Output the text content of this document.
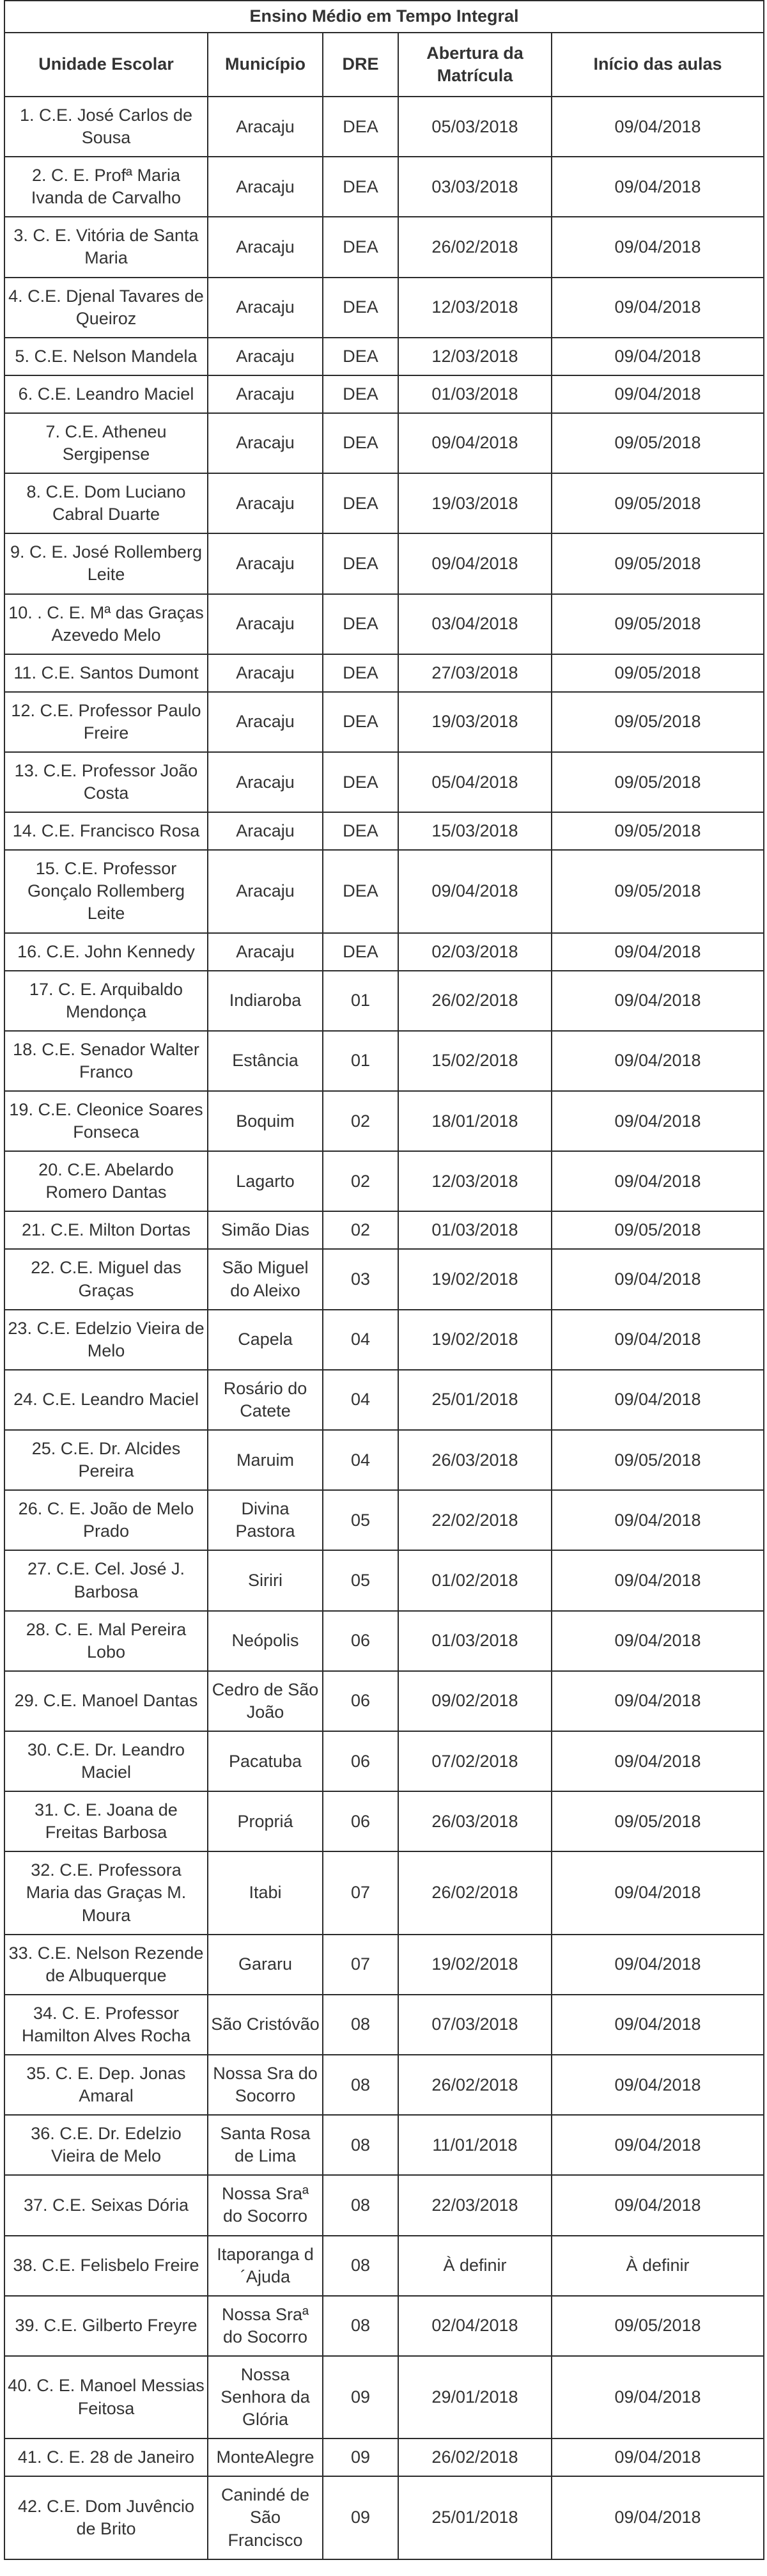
Ensino Médio em Tempo Integral				
Unidade Escolar	Município	DRE	Abertura da Matrícula	Início das aulas
1. C.E. José Carlos de Sousa	Aracaju	DEA	05/03/2018	09/04/2018
2. C. E. Profª Maria Ivanda de Carvalho	Aracaju	DEA	03/03/2018	09/04/2018
3. C. E. Vitória de Santa Maria	Aracaju	DEA	26/02/2018	09/04/2018
4. C.E. Djenal Tavares de Queiroz	Aracaju	DEA	12/03/2018	09/04/2018
5. C.E. Nelson Mandela	Aracaju	DEA	12/03/2018	09/04/2018
6. C.E. Leandro Maciel	Aracaju	DEA	01/03/2018	09/04/2018
7. C.E. Atheneu Sergipense	Aracaju	DEA	09/04/2018	09/05/2018
8. C.E. Dom Luciano Cabral Duarte	Aracaju	DEA	19/03/2018	09/05/2018
9. C. E. José Rollemberg Leite	Aracaju	DEA	09/04/2018	09/05/2018
10. . C. E. Mª das Graças Azevedo Melo	Aracaju	DEA	03/04/2018	09/05/2018
11. C.E. Santos Dumont	Aracaju	DEA	27/03/2018	09/05/2018
12. C.E. Professor Paulo Freire	Aracaju	DEA	19/03/2018	09/05/2018
13. C.E. Professor João Costa	Aracaju	DEA	05/04/2018	09/05/2018
14. C.E. Francisco Rosa	Aracaju	DEA	15/03/2018	09/05/2018
15. C.E. Professor Gonçalo Rollemberg Leite	Aracaju	DEA	09/04/2018	09/05/2018
16. C.E. John Kennedy	Aracaju	DEA	02/03/2018	09/04/2018
17. C. E. Arquibaldo Mendonça	Indiaroba	01	26/02/2018	09/04/2018
18. C.E. Senador Walter Franco	Estância	01	15/02/2018	09/04/2018
19. C.E. Cleonice Soares Fonseca	Boquim	02	18/01/2018	09/04/2018
20. C.E. Abelardo Romero Dantas	Lagarto	02	12/03/2018	09/04/2018
21. C.E. Milton Dortas	Simão Dias	02	01/03/2018	09/05/2018
22. C.E. Miguel das Graças	São Miguel do Aleixo	03	19/02/2018	09/04/2018
23. C.E. Edelzio Vieira de Melo	Capela	04	19/02/2018	09/04/2018
24. C.E. Leandro Maciel	Rosário do Catete	04	25/01/2018	09/04/2018
25. C.E. Dr. Alcides Pereira	Maruim	04	26/03/2018	09/05/2018
26. C. E. João de Melo Prado	Divina Pastora	05	22/02/2018	09/04/2018
27. C.E. Cel. José J. Barbosa	Siriri	05	01/02/2018	09/04/2018
28. C. E. Mal Pereira Lobo	Neópolis	06	01/03/2018	09/04/2018
29. C.E. Manoel Dantas	Cedro de São João	06	09/02/2018	09/04/2018
30. C.E. Dr. Leandro Maciel	Pacatuba	06	07/02/2018	09/04/2018
31. C. E. Joana de Freitas Barbosa	Propriá	06	26/03/2018	09/05/2018
32. C.E. Professora Maria das Graças M. Moura	Itabi	07	26/02/2018	09/04/2018
33. C.E. Nelson Rezende de Albuquerque	Gararu	07	19/02/2018	09/04/2018
34. C. E. Professor Hamilton Alves Rocha	São Cristóvão	08	07/03/2018	09/04/2018
35. C. E. Dep. Jonas Amaral	Nossa Sra do Socorro	08	26/02/2018	09/04/2018
36. C.E. Dr. Edelzio Vieira de Melo	Santa Rosa de Lima	08	11/01/2018	09/04/2018
37. C.E. Seixas Dória	Nossa Sraª do Socorro	08	22/03/2018	09/04/2018
38. C.E. Felisbelo Freire	Itaporanga d ´Ajuda	08	À definir	À definir
39. C.E. Gilberto Freyre	Nossa Sraª do Socorro	08	02/04/2018	09/05/2018
40. C. E. Manoel Messias Feitosa	Nossa Senhora da Glória	09	29/01/2018	09/04/2018
41. C. E. 28 de Janeiro	MonteAlegre	09	26/02/2018	09/04/2018
42. C.E. Dom Juvêncio de Brito	Canindé de São Francisco	09	25/01/2018	09/04/2018
